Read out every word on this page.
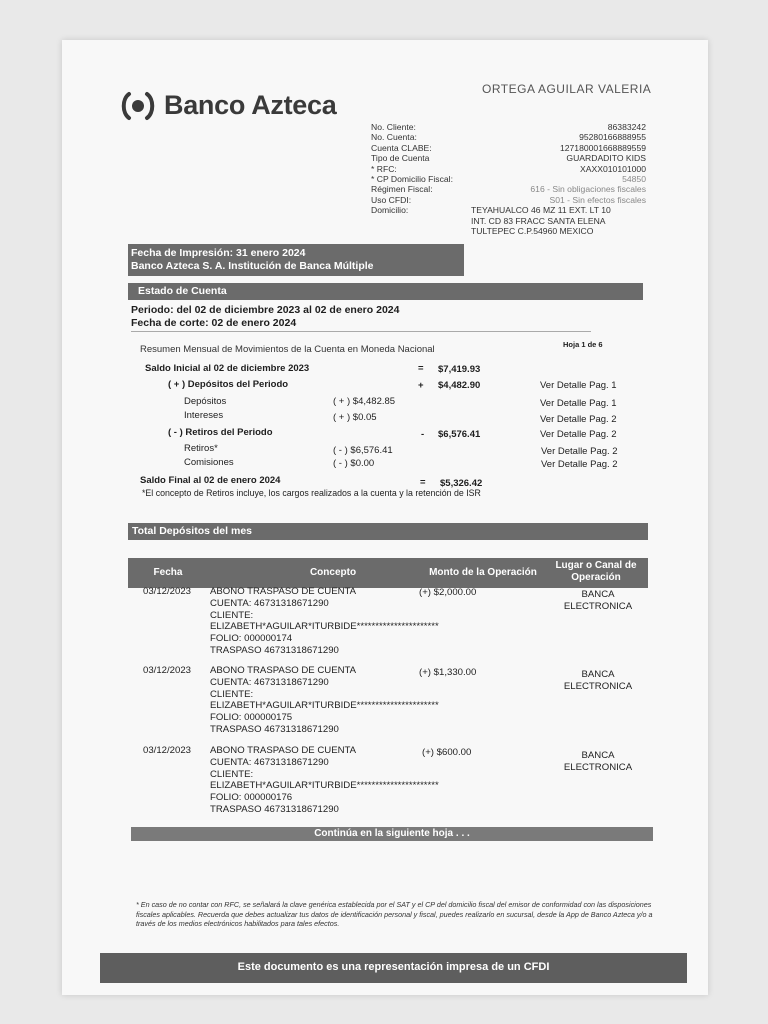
ORTEGA AGUILAR VALERIA
Banco Azteca
No. Cliente:	86383242
No. Cuenta:	95280166888955
Cuenta CLABE:	127180001668889559
Tipo de Cuenta	GUARDADITO KIDS
* RFC:	XAXX010101000
* CP Domicilio Fiscal:	54850
Régimen Fiscal:	616 - Sin obligaciones fiscales
Uso CFDI:	S01 - Sin efectos fiscales
Domicilio:	TEYAHUALCO 46 MZ 11 EXT. LT 10
INT. CD 83 FRACC SANTA ELENA
TULTEPEC C.P.54960 MEXICO
Fecha de Impresión: 31 enero 2024
Banco Azteca S. A. Institución de Banca Múltiple
Estado de Cuenta
Periodo: del 02 de diciembre 2023 al 02 de enero 2024
Fecha de corte: 02 de enero 2024
Resumen Mensual de Movimientos de la Cuenta en Moneda Nacional	Hoja 1 de 6
Saldo Inicial al 02 de diciembre 2023	= $7,419.93
( + ) Depósitos del Periodo	+ $4,482.90	Ver Detalle Pag. 1
Depósitos	( + ) $4,482.85	Ver Detalle Pag. 1
Intereses	( + ) $0.05	Ver Detalle Pag. 2
( - ) Retiros del Periodo	- $6,576.41	Ver Detalle Pag. 2
Retiros*	( - ) $6,576.41	Ver Detalle Pag. 2
Comisiones	( - ) $0.00	Ver Detalle Pag. 2
Saldo Final al 02 de enero 2024	= $5,326.42
*El concepto de Retiros incluye, los cargos realizados a la cuenta y la retención de ISR
Total Depósitos del mes
Fecha	Concepto	Monto de la Operación
Lugar o Canal de Operación
03/12/2023	ABONO TRASPASO DE CUENTA
CUENTA: 46731318671290
CLIENTE:
ELIZABETH*AGUILAR*ITURBIDE**********************
FOLIO: 000000174
TRASPASO 46731318671290
(+) $2,000.00	BANCA ELECTRONICA
03/12/2023	ABONO TRASPASO DE CUENTA
CUENTA: 46731318671290
CLIENTE:
ELIZABETH*AGUILAR*ITURBIDE**********************
FOLIO: 000000175
TRASPASO 46731318671290
(+) $1,330.00	BANCA ELECTRONICA
03/12/2023	ABONO TRASPASO DE CUENTA
CUENTA: 46731318671290
CLIENTE:
ELIZABETH*AGUILAR*ITURBIDE**********************
FOLIO: 000000176
TRASPASO 46731318671290
(+) $600.00	BANCA ELECTRONICA
Continúa en la siguiente hoja . . .
* En caso de no contar con RFC, se señalará la clave genérica establecida por el SAT y el CP del domicilio fiscal del emisor de conformidad con las disposiciones fiscales aplicables. Recuerda que debes actualizar tus datos de identificación personal y fiscal, puedes realizarlo en sucursal, desde la App de Banco Azteca y/o a través de los medios electrónicos habilitados para tales efectos.
Este documento es una representación impresa de un CFDI
